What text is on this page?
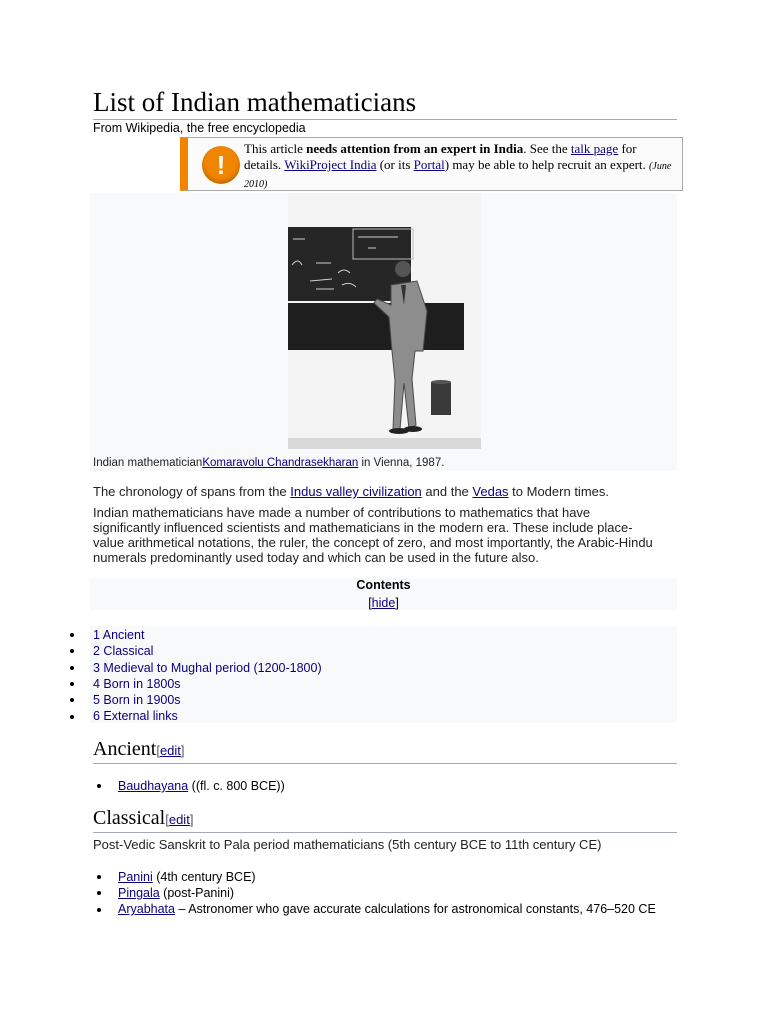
List of Indian mathematicians
From Wikipedia, the free encyclopedia
!
This article needs attention from an expert in India. See the talk page for details. WikiProject India (or its Portal) may be able to help recruit an expert. (June 2010)
Indian mathematicianKomaravolu Chandrasekharan in Vienna, 1987.
The chronology of spans from the Indus valley civilization and the Vedas to Modern times.
Indian mathematicians have made a number of contributions to mathematics that have significantly influenced scientists and mathematicians in the modern era. These include place-value arithmetical notations, the ruler, the concept of zero, and most importantly, the Arabic-Hindu numerals predominantly used today and which can be used in the future also.
Contents
[hide]
1 Ancient
2 Classical
3 Medieval to Mughal period (1200-1800)
4 Born in 1800s
5 Born in 1900s
6 External links
Ancient[edit]
Baudhayana ((fl. c. 800 BCE))
Classical[edit]
Post-Vedic Sanskrit to Pala period mathematicians (5th century BCE to 11th century CE)
Panini (4th century BCE)
Pingala (post-Panini)
Aryabhata – Astronomer who gave accurate calculations for astronomical constants, 476–520 CE
